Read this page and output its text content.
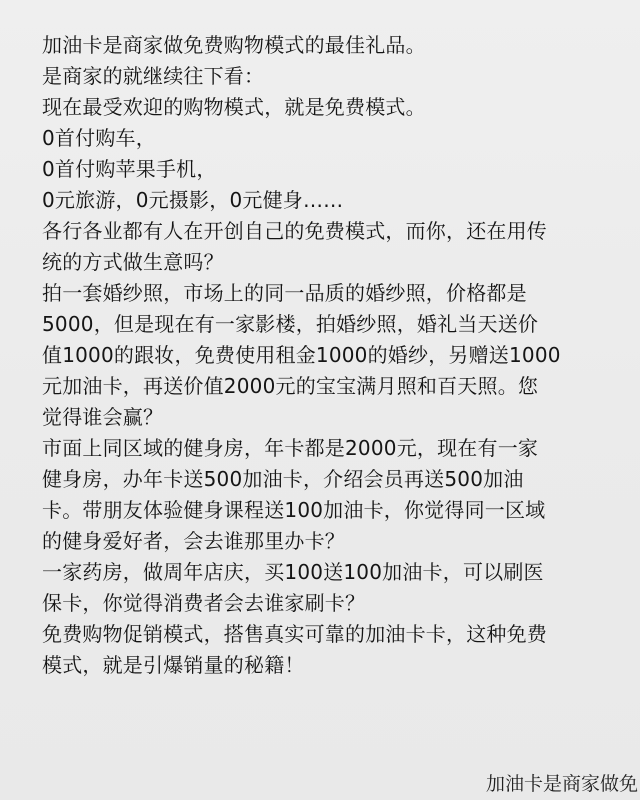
加油卡是商家做免费购物模式的最佳礼品。
是商家的就继续往下看：
现在最受欢迎的购物模式，就是免费模式。
0首付购车，
0首付购苹果手机，
0元旅游，0元摄影，0元健身……
各行各业都有人在开创自己的免费模式，而你，还在用传
统的方式做生意吗？
拍一套婚纱照，市场上的同一品质的婚纱照，价格都是
5000，但是现在有一家影楼，拍婚纱照，婚礼当天送价
值1000的跟妆，免费使用租金1000的婚纱，另赠送1000
元加油卡，再送价值2000元的宝宝满月照和百天照。您
觉得谁会赢？
市面上同区域的健身房，年卡都是2000元，现在有一家
健身房，办年卡送500加油卡，介绍会员再送500加油
卡。带朋友体验健身课程送100加油卡，你觉得同一区域
的健身爱好者，会去谁那里办卡？
一家药房，做周年店庆，买100送100加油卡，可以刷医
保卡，你觉得消费者会去谁家刷卡？
免费购物促销模式，搭售真实可靠的加油卡卡，这种免费
模式，就是引爆销量的秘籍！
加油卡是商家做免
